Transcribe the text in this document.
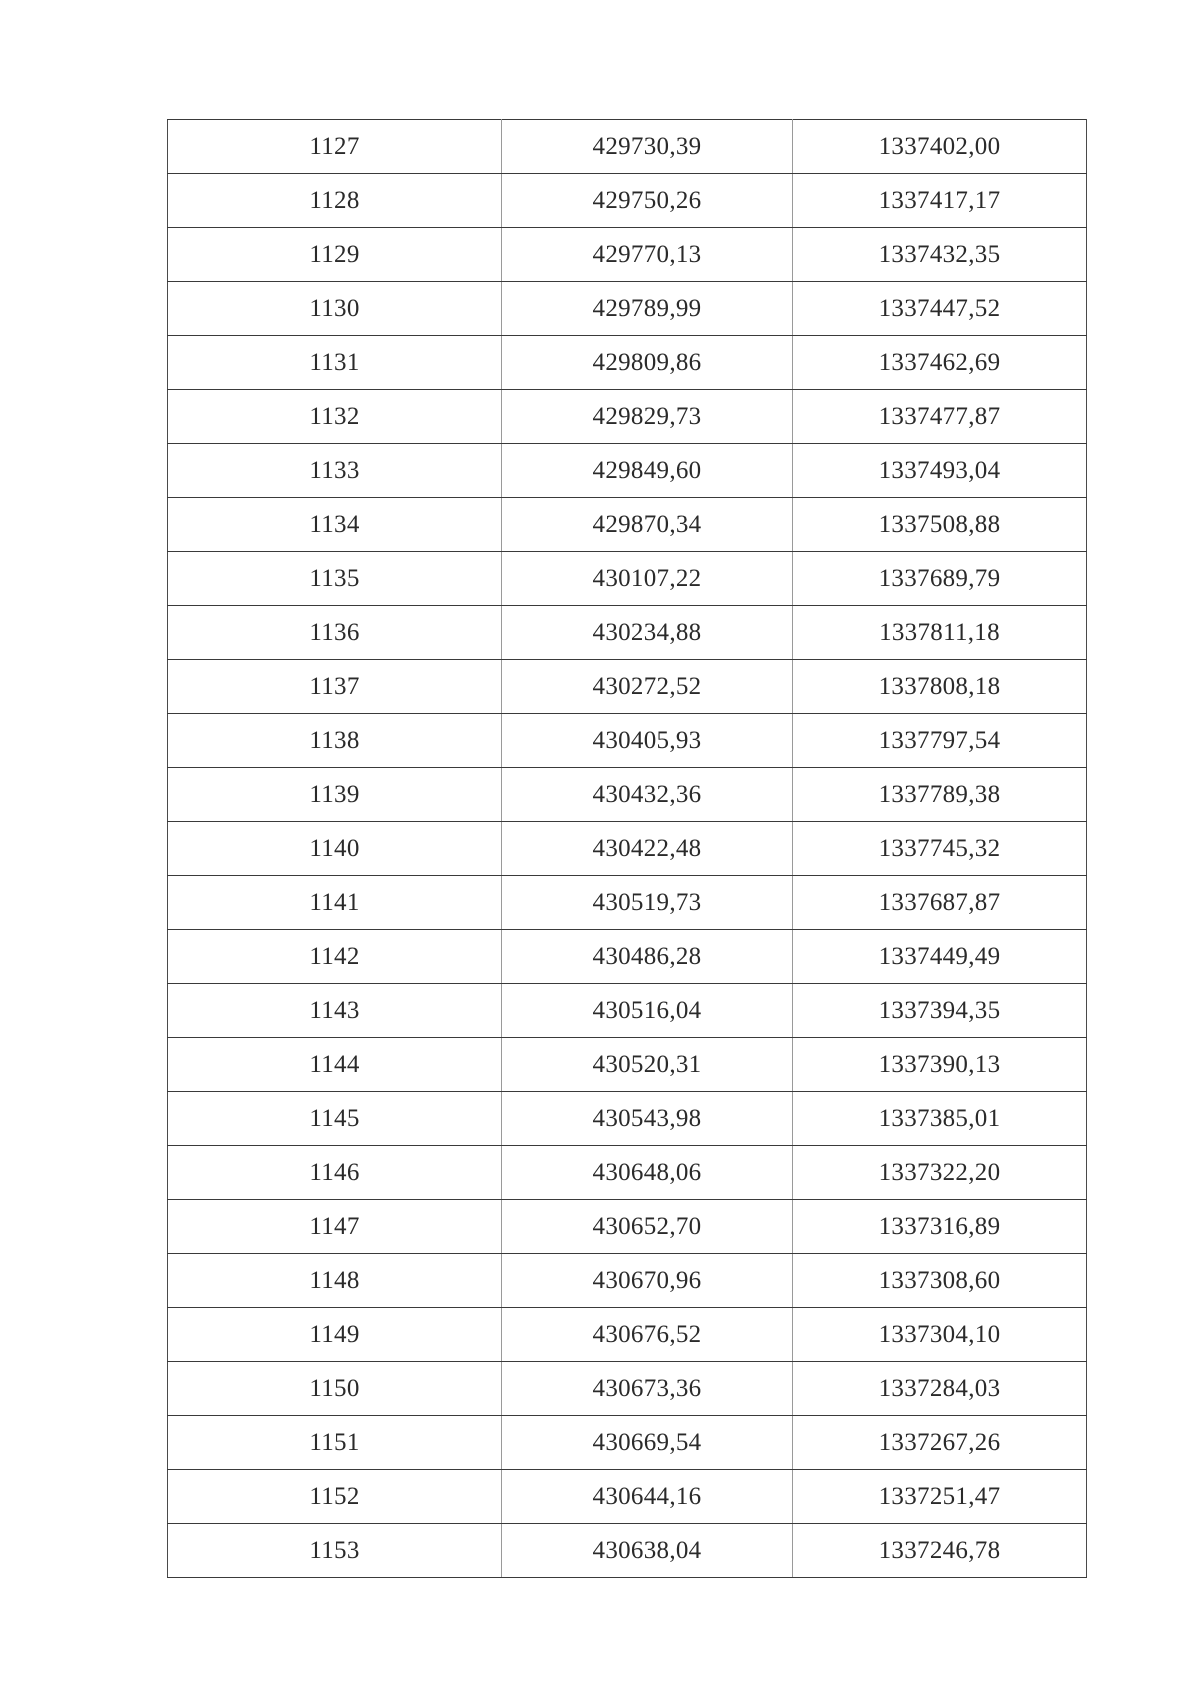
1127	429730,39	1337402,00
1128	429750,26	1337417,17
1129	429770,13	1337432,35
1130	429789,99	1337447,52
1131	429809,86	1337462,69
1132	429829,73	1337477,87
1133	429849,60	1337493,04
1134	429870,34	1337508,88
1135	430107,22	1337689,79
1136	430234,88	1337811,18
1137	430272,52	1337808,18
1138	430405,93	1337797,54
1139	430432,36	1337789,38
1140	430422,48	1337745,32
1141	430519,73	1337687,87
1142	430486,28	1337449,49
1143	430516,04	1337394,35
1144	430520,31	1337390,13
1145	430543,98	1337385,01
1146	430648,06	1337322,20
1147	430652,70	1337316,89
1148	430670,96	1337308,60
1149	430676,52	1337304,10
1150	430673,36	1337284,03
1151	430669,54	1337267,26
1152	430644,16	1337251,47
1153	430638,04	1337246,78
